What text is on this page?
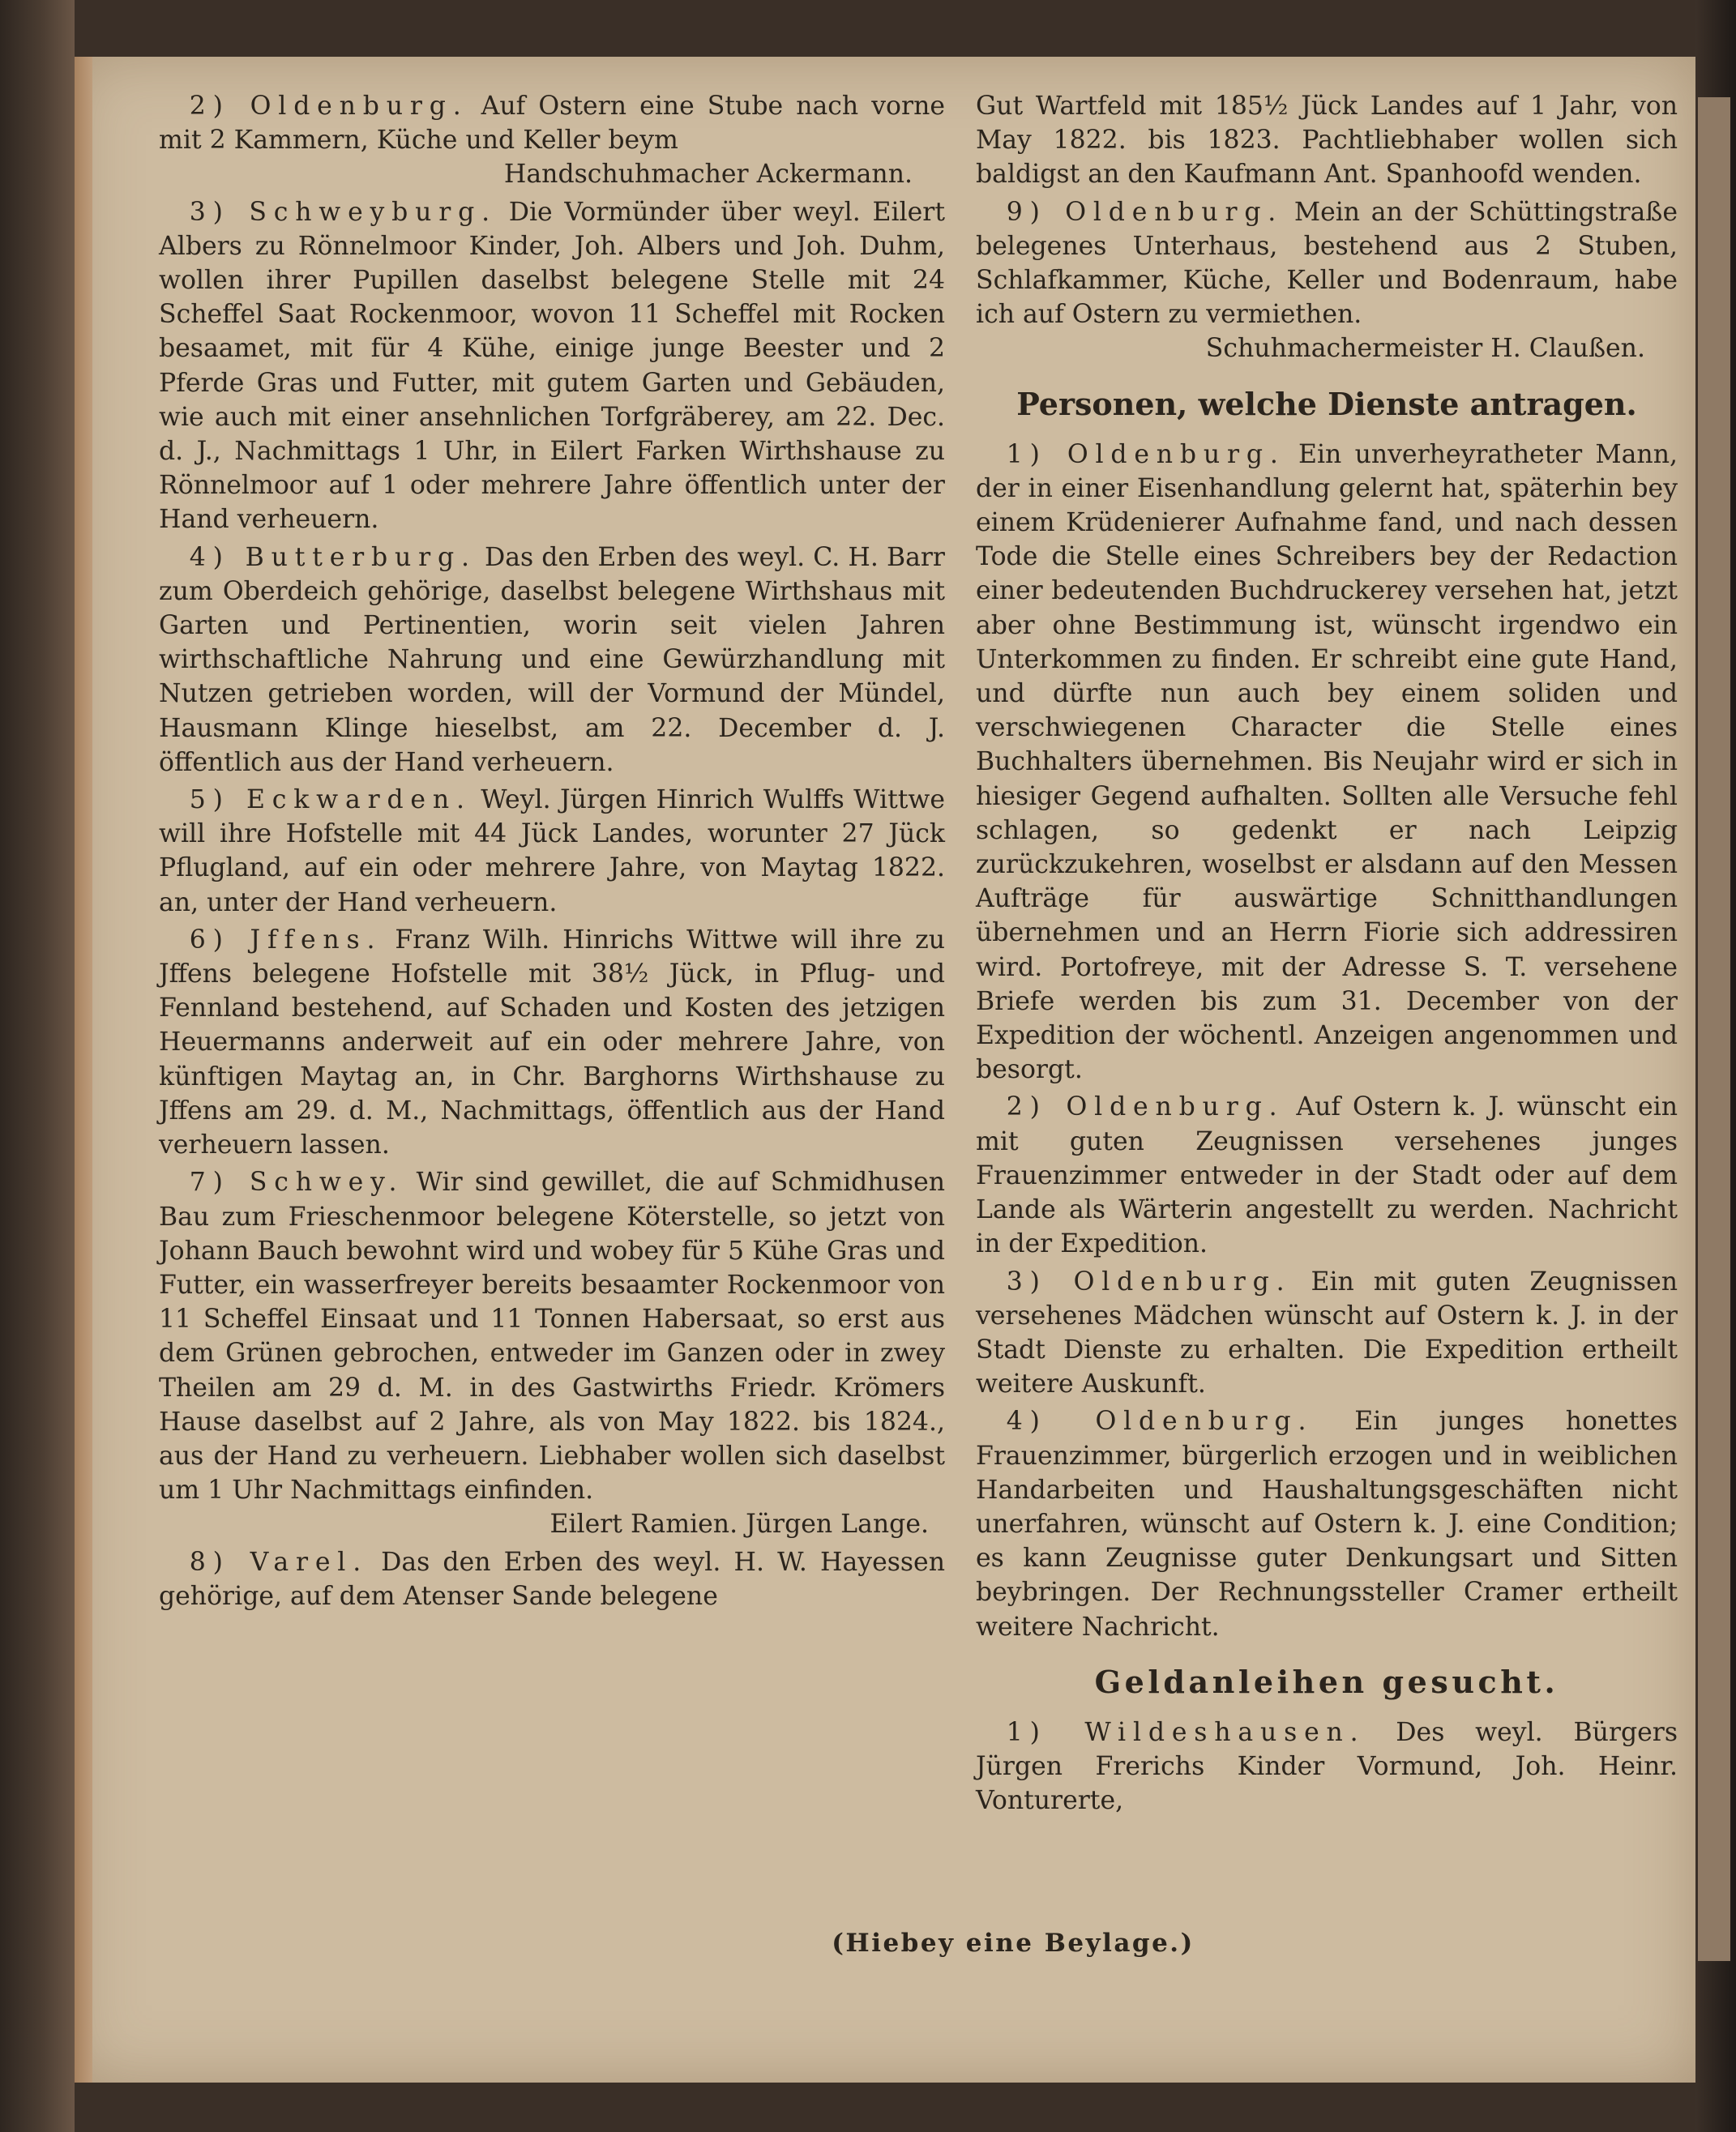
2) Oldenburg. Auf Ostern eine Stube nach vorne mit 2 Kammern, Küche und Keller beym

Handschuhmacher Ackermann.

3) Schweyburg. Die Vormünder über weyl. Eilert Albers zu Rönnelmoor Kinder, Joh. Albers und Joh. Duhm, wollen ihrer Pupillen daselbst belegene Stelle mit 24 Scheffel Saat Rockenmoor, wovon 11 Scheffel mit Rocken besaamet, mit für 4 Kühe, einige junge Beester und 2 Pferde Gras und Futter, mit gutem Garten und Gebäuden, wie auch mit einer ansehnlichen Torfgräberey, am 22. Dec. d. J., Nachmittags 1 Uhr, in Eilert Farken Wirthshause zu Rönnelmoor auf 1 oder mehrere Jahre öffentlich unter der Hand verheuern.

4) Butterburg. Das den Erben des weyl. C. H. Barr zum Oberdeich gehörige, daselbst belegene Wirthshaus mit Garten und Pertinentien, worin seit vielen Jahren wirthschaftliche Nahrung und eine Gewürzhandlung mit Nutzen getrieben worden, will der Vormund der Mündel, Hausmann Klinge hieselbst, am 22. December d. J. öffentlich aus der Hand verheuern.

5) Eckwarden. Weyl. Jürgen Hinrich Wulffs Wittwe will ihre Hofstelle mit 44 Jück Landes, worunter 27 Jück Pflugland, auf ein oder mehrere Jahre, von Maytag 1822. an, unter der Hand verheuern.

6) Jffens. Franz Wilh. Hinrichs Wittwe will ihre zu Jffens belegene Hofstelle mit 38½ Jück, in Pflug- und Fennland bestehend, auf Schaden und Kosten des jetzigen Heuermanns anderweit auf ein oder mehrere Jahre, von künftigen Maytag an, in Chr. Barghorns Wirthshause zu Jffens am 29. d. M., Nachmittags, öffentlich aus der Hand verheuern lassen.

7) Schwey. Wir sind gewillet, die auf Schmidhusen Bau zum Frieschenmoor belegene Köterstelle, so jetzt von Johann Bauch bewohnt wird und wobey für 5 Kühe Gras und Futter, ein wasserfreyer bereits besaamter Rockenmoor von 11 Scheffel Einsaat und 11 Tonnen Habersaat, so erst aus dem Grünen gebrochen, entweder im Ganzen oder in zwey Theilen am 29 d. M. in des Gastwirths Friedr. Krömers Hause daselbst auf 2 Jahre, als von May 1822. bis 1824., aus der Hand zu verheuern. Liebhaber wollen sich daselbst um 1 Uhr Nachmittags einfinden.

Eilert Ramien. Jürgen Lange.

8) Varel. Das den Erben des weyl. H. W. Hayessen gehörige, auf dem Atenser Sande belegene

Gut Wartfeld mit 185½ Jück Landes auf 1 Jahr, von May 1822. bis 1823. Pachtliebhaber wollen sich baldigst an den Kaufmann Ant. Spanhoofd wenden.

9) Oldenburg. Mein an der Schüttingstraße belegenes Unterhaus, bestehend aus 2 Stuben, Schlafkammer, Küche, Keller und Bodenraum, habe ich auf Ostern zu vermiethen.

Schuhmachermeister H. Claußen.

Personen, welche Dienste antragen.

1) Oldenburg. Ein unverheyratheter Mann, der in einer Eisenhandlung gelernt hat, späterhin bey einem Krüdenierer Aufnahme fand, und nach dessen Tode die Stelle eines Schreibers bey der Redaction einer bedeutenden Buchdruckerey versehen hat, jetzt aber ohne Bestimmung ist, wünscht irgendwo ein Unterkommen zu finden. Er schreibt eine gute Hand, und dürfte nun auch bey einem soliden und verschwiegenen Character die Stelle eines Buchhalters übernehmen. Bis Neujahr wird er sich in hiesiger Gegend aufhalten. Sollten alle Versuche fehl schlagen, so gedenkt er nach Leipzig zurückzukehren, woselbst er alsdann auf den Messen Aufträge für auswärtige Schnitthandlungen übernehmen und an Herrn Fiorie sich addressiren wird. Portofreye, mit der Adresse S. T. versehene Briefe werden bis zum 31. December von der Expedition der wöchentl. Anzeigen angenommen und besorgt.

2) Oldenburg. Auf Ostern k. J. wünscht ein mit guten Zeugnissen versehenes junges Frauenzimmer entweder in der Stadt oder auf dem Lande als Wärterin angestellt zu werden. Nachricht in der Expedition.

3) Oldenburg. Ein mit guten Zeugnissen versehenes Mädchen wünscht auf Ostern k. J. in der Stadt Dienste zu erhalten. Die Expedition ertheilt weitere Auskunft.

4) Oldenburg. Ein junges honettes Frauenzimmer, bürgerlich erzogen und in weiblichen Handarbeiten und Haushaltungsgeschäften nicht unerfahren, wünscht auf Ostern k. J. eine Condition; es kann Zeugnisse guter Denkungsart und Sitten beybringen. Der Rechnungssteller Cramer ertheilt weitere Nachricht.

Geldanleihen gesucht.

1) Wildeshausen. Des weyl. Bürgers Jürgen Frerichs Kinder Vormund, Joh. Heinr. Vonturerte,

(Hiebey eine Beylage.)
